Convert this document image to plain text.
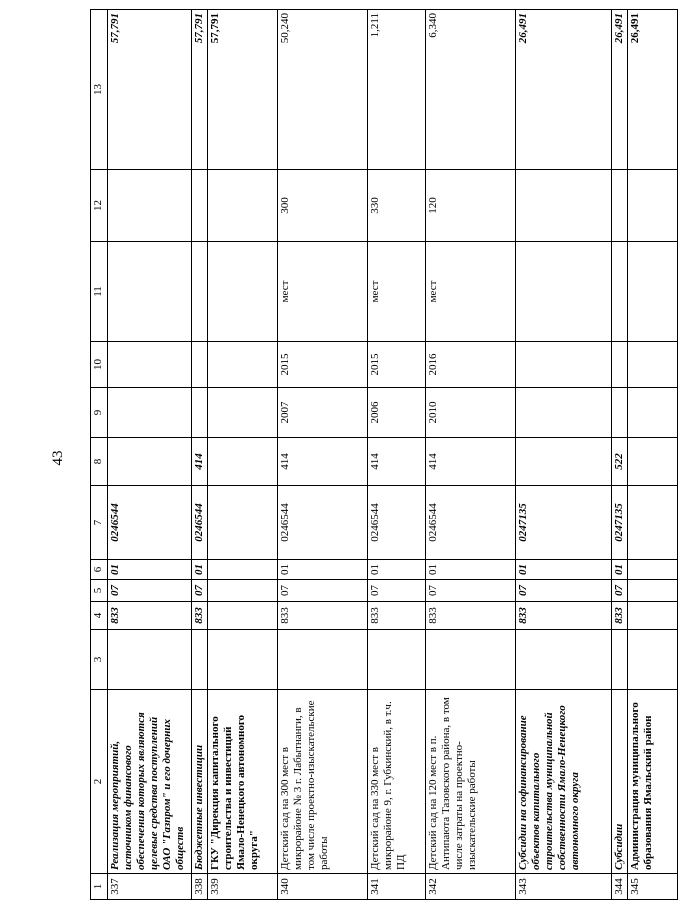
43
1	2	3	4	5	6	7	8	9	10	11	12	13
337	Реализация мероприятий, источником финансового обеспечения которых являются целевые средства поступлений ОАО "Газпром" и его дочерних обществ		833	07	01	0246544						57,791
338	Бюджетные инвестиции		833	07	01	0246544	414					57,791
339	ГКУ "Дирекция капитального строительства и инвестиций Ямало-Ненецкого автономного округа"											57,791
340	Детский сад на 300 мест в микрорайоне № 3 г. Лабытнанги, в том числе проектно-изыскательские работы		833	07	01	0246544	414	2007	2015	мест	300	50,240
341	Детский сад на 330 мест в микрорайоне 9, г. Губкинский, в т.ч. ПД		833	07	01	0246544	414	2006	2015	мест	330	1,211
342	Детский сад на 120 мест в п. Антипаюта Тазовского района, в том числе затраты на проектно-изыскательские работы		833	07	01	0246544	414	2010	2016	мест	120	6,340
343	Субсидии на софинансирование объектов капитального строительства муниципальной собственности Ямало-Ненецкого автономного округа		833	07	01	0247135						26,491
344	Субсидии		833	07	01	0247135	522					26,491
345	Администрация муниципального образования Ямальский район											26,491
